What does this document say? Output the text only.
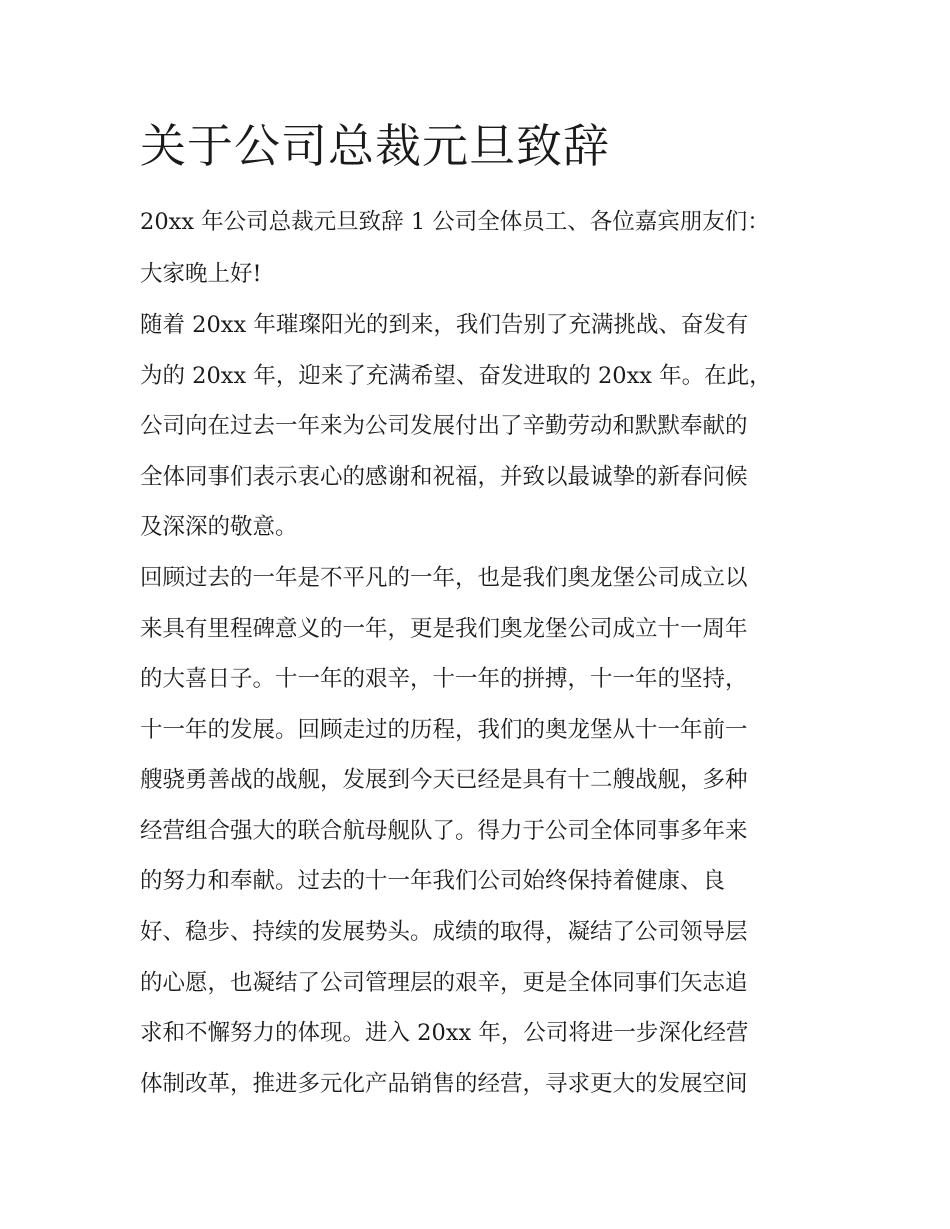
关于公司总裁元旦致辞

20xx 年公司总裁元旦致辞 1 公司全体员工、各位嘉宾朋友们：

大家晚上好!

随着 20xx 年璀璨阳光的到来，我们告别了充满挑战、奋发有

为的 20xx 年，迎来了充满希望、奋发进取的 20xx 年。在此，

公司向在过去一年来为公司发展付出了辛勤劳动和默默奉献的

全体同事们表示衷心的感谢和祝福，并致以最诚挚的新春问候

及深深的敬意。

回顾过去的一年是不平凡的一年，也是我们奥龙堡公司成立以

来具有里程碑意义的一年，更是我们奥龙堡公司成立十一周年

的大喜日子。十一年的艰辛，十一年的拼搏，十一年的坚持，

十一年的发展。回顾走过的历程，我们的奥龙堡从十一年前一

艘骁勇善战的战舰，发展到今天已经是具有十二艘战舰，多种

经营组合强大的联合航母舰队了。得力于公司全体同事多年来

的努力和奉献。过去的十一年我们公司始终保持着健康、良

好、稳步、持续的发展势头。成绩的取得，凝结了公司领导层

的心愿，也凝结了公司管理层的艰辛，更是全体同事们矢志追

求和不懈努力的体现。进入 20xx 年，公司将进一步深化经营

体制改革，推进多元化产品销售的经营，寻求更大的发展空间
